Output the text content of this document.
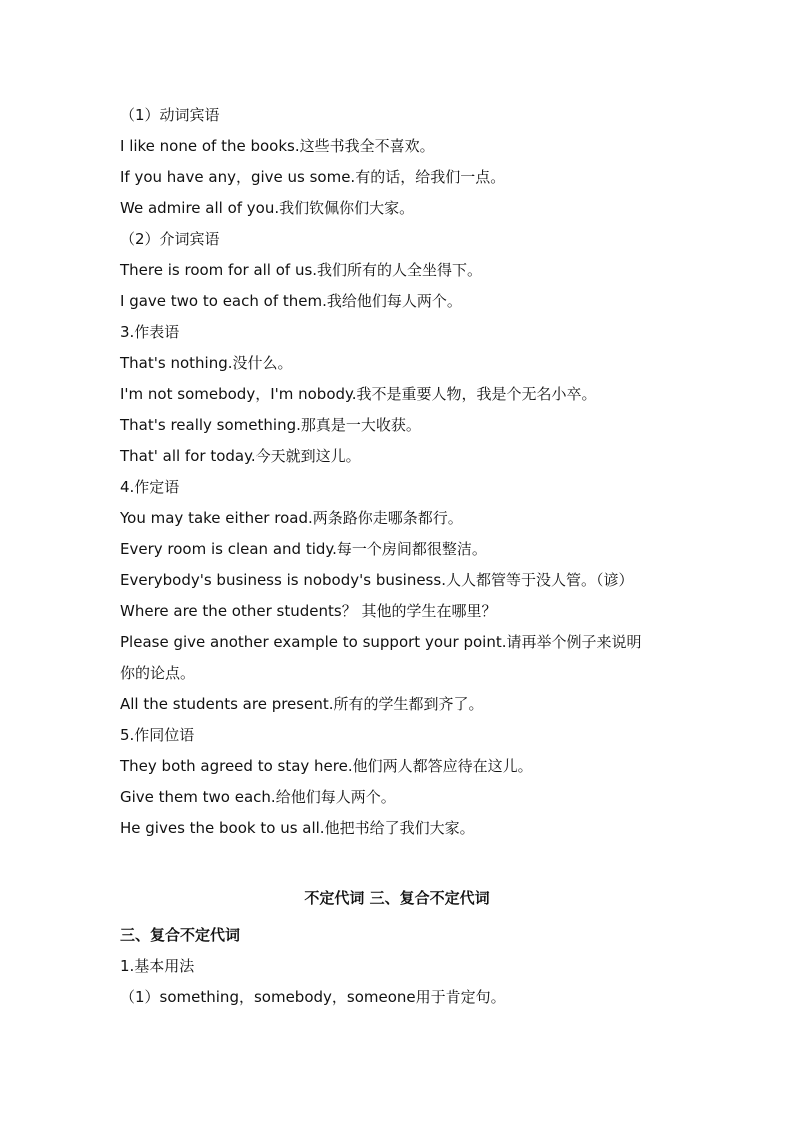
（1）动词宾语
I like none of the books.这些书我全不喜欢。
If you have any，give us some.有的话，给我们一点。
We admire all of you.我们钦佩你们大家。
（2）介词宾语
There is room for all of us.我们所有的人全坐得下。
I gave two to each of them.我给他们每人两个。
3.作表语
That's nothing.没什么。
I'm not somebody，I'm nobody.我不是重要人物，我是个无名小卒。
That's really something.那真是一大收获。
That' all for today.今天就到这儿。
4.作定语
You may take either road.两条路你走哪条都行。
Every room is clean and tidy.每一个房间都很整洁。
Everybody's business is nobody's business.人人都管等于没人管。（谚）
Where are the other students？ 其他的学生在哪里？
Please give another example to support your point.请再举个例子来说明
你的论点。
All the students are present.所有的学生都到齐了。
5.作同位语
They both agreed to stay here.他们两人都答应待在这儿。
Give them two each.给他们每人两个。
He gives the book to us all.他把书给了我们大家。
不定代词 三、复合不定代词
三、复合不定代词
1.基本用法
（1）something，somebody，someone用于肯定句。
